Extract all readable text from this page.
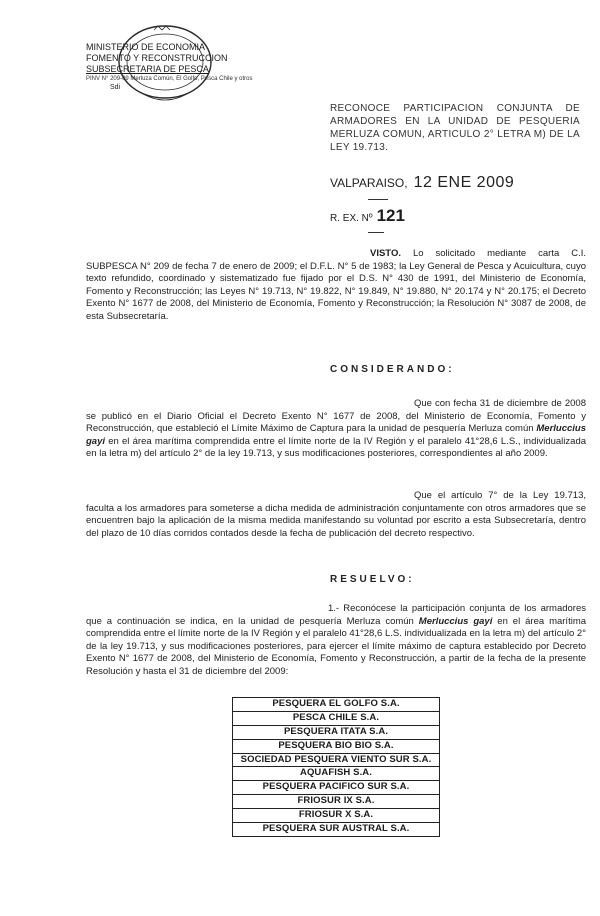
MINISTERIO DE ECONOMIA
FOMENTO Y RECONSTRUCCION
SUBSECRETARIA DE PESCA
PINV N° 209-09 Merluza Común, El Golfo, Pesca Chile y otros
Sdi
RECONOCE PARTICIPACION CONJUNTA DE ARMADORES EN LA UNIDAD DE PESQUERIA MERLUZA COMUN, ARTICULO 2° LETRA M) DE LA LEY 19.713.
VALPARAISO, 12 ENE 2009
R. EX. Nº 121
VISTO. Lo solicitado mediante carta C.I. SUBPESCA N° 209 de fecha 7 de enero de 2009; el D.F.L. N° 5 de 1983; la Ley General de Pesca y Acuicultura, cuyo texto refundido, coordinado y sistematizado fue fijado por el D.S. N° 430 de 1991, del Ministerio de Economía, Fomento y Reconstrucción; las Leyes N° 19.713, N° 19.822, N° 19.849, N° 19.880, N° 20.174 y N° 20.175; el Decreto Exento N° 1677 de 2008, del Ministerio de Economía, Fomento y Reconstrucción; la Resolución N° 3087 de 2008, de esta Subsecretaría.
CONSIDERANDO:
Que con fecha 31 de diciembre de 2008 se publicó en el Diario Oficial el Decreto Exento N° 1677 de 2008, del Ministerio de Economía, Fomento y Reconstrucción, que estableció el Límite Máximo de Captura para la unidad de pesquería Merluza común Merluccius gayi en el área marítima comprendida entre el límite norte de la IV Región y el paralelo 41°28,6 L.S., individualizada en la letra m) del artículo 2° de la ley 19.713, y sus modificaciones posteriores, correspondientes al año 2009.
Que el artículo 7° de la Ley 19.713, faculta a los armadores para someterse a dicha medida de administración conjuntamente con otros armadores que se encuentren bajo la aplicación de la misma medida manifestando su voluntad por escrito a esta Subsecretaría, dentro del plazo de 10 días corridos contados desde la fecha de publicación del decreto respectivo.
RESUELVO:
1.- Reconócese la participación conjunta de los armadores que a continuación se indica, en la unidad de pesquería Merluza común Merluccius gayi en el área marítima comprendida entre el límite norte de la IV Región y el paralelo 41°28,6 L.S. individualizada en la letra m) del artículo 2° de la ley 19.713, y sus modificaciones posteriores, para ejercer el límite máximo de captura establecido por Decreto Exento N° 1677 de 2008, del Ministerio de Economía, Fomento y Reconstrucción, a partir de la fecha de la presente Resolución y hasta el 31 de diciembre del 2009:
PESQUERA EL GOLFO S.A.
PESCA CHILE S.A.
PESQUERA ITATA S.A.
PESQUERA BIO BIO S.A.
SOCIEDAD PESQUERA VIENTO SUR S.A.
AQUAFISH S.A.
PESQUERA PACIFICO SUR S.A.
FRIOSUR IX S.A.
FRIOSUR X S.A.
PESQUERA SUR AUSTRAL S.A.
